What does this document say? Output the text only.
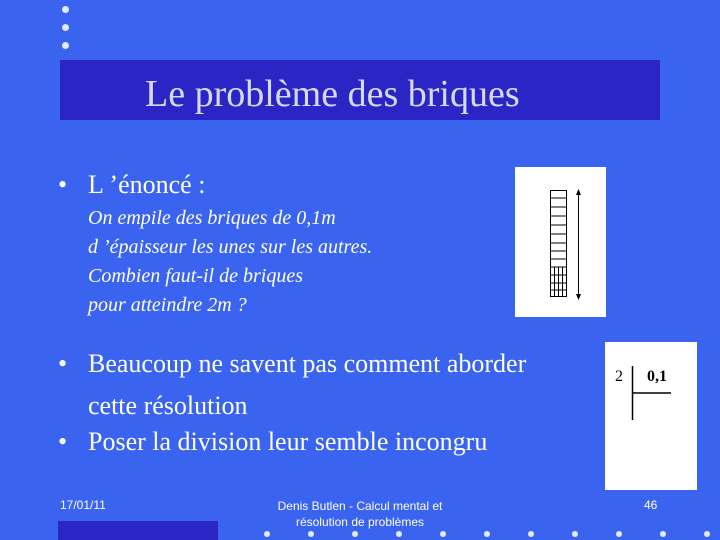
Le problème des briques
• L ’énoncé :
On empile des briques de 0,1m
d ’épaisseur les unes sur les autres.
Combien faut-il de briques
pour atteindre 2m ?
• Beaucoup ne savent pas comment aborder
cette résolution
• Poser la division leur semble incongru
2 0,1
17/01/11	Denis Butlen - Calcul mental et
résolution de problèmes
46
